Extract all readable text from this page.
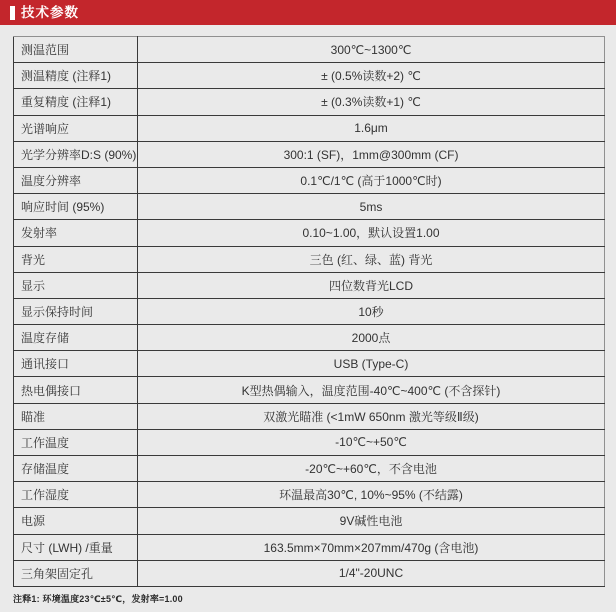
技术参数
测温范围	300℃~1300℃
测温精度 (注释1)	± (0.5%读数+2) ℃
重复精度 (注释1)	± (0.3%读数+1) ℃
光谱响应	1.6μm
光学分辨率D:S (90%)	300:1 (SF)，1mm@300mm (CF)
温度分辨率	0.1℃/1℃ (高于1000℃时)
响应时间 (95%)	5ms
发射率	0.10~1.00，默认设置1.00
背光	三色 (红、绿、蓝) 背光
显示	四位数背光LCD
显示保持时间	10秒
温度存储	2000点
通讯接口	USB (Type-C)
热电偶接口	K型热偶输入，温度范围-40℃~400℃ (不含探针)
瞄准	双激光瞄准 (<1mW 650nm 激光等级Ⅱ级)
工作温度	-10℃~+50℃
存储温度	-20℃~+60℃，不含电池
工作湿度	环温最高30℃, 10%~95% (不结露)
电源	9V碱性电池
尺寸 (LWH) /重量	163.5mm×70mm×207mm/470g (含电池)
三角架固定孔	1/4"-20UNC
注释1: 环境温度23℃±5℃，发射率=1.00
